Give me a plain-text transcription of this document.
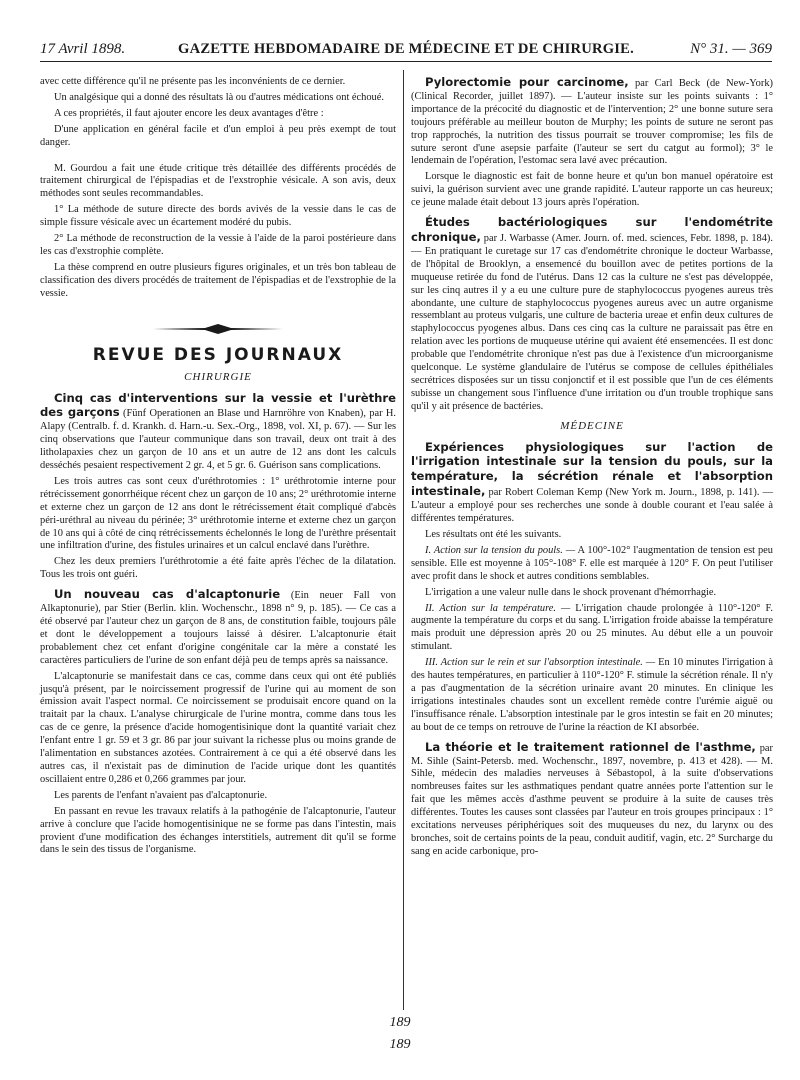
17 Avril 1898.	GAZETTE HEBDOMADAIRE DE MÉDECINE ET DE CHIRURGIE.	N° 31. — 369

avec cette différence qu'il ne présente pas les inconvénients de ce dernier.

Un analgésique qui a donné des résultats là ou d'autres médications ont échoué.

A ces propriétés, il faut ajouter encore les deux avantages d'être :

D'une application en général facile et d'un emploi à peu près exempt de tout danger.

M. Gourdou a fait une étude critique très détaillée des différents procédés de traitement chirurgical de l'épispadias et de l'exstrophie vésicale. A son avis, deux méthodes sont seules recommandables.

1° La méthode de suture directe des bords avivés de la vessie dans le cas de simple fissure vésicale avec un écartement modéré du pubis.

2° La méthode de reconstruction de la vessie à l'aide de la paroi postérieure dans les cas d'exstrophie complète.

La thèse comprend en outre plusieurs figures originales, et un très bon tableau de classification des divers procédés de traitement de l'épispadias et de l'exstrophie de la vessie.

REVUE DES JOURNAUX
CHIRURGIE

Cinq cas d'interventions sur la vessie et l'urèthre des garçons (Fünf Operationen an Blase und Harnröhre von Knaben), par H. Alapy (Centralb. f. d. Krankh. d. Harn.-u. Sex.-Org., 1898, vol. XI, p. 67). — Sur les cinq observations que l'auteur communique dans son travail, deux ont trait à des litholapaxies chez un garçon de 10 ans et un autre de 12 ans dont les calculs desséchés pesaient respectivement 2 gr. 4, et 5 gr. 6. Guérison sans complications.

Les trois autres cas sont ceux d'uréthrotomies : 1° uréthrotomie interne pour rétrécissement gonorrhéique récent chez un garçon de 10 ans; 2° uréthrotomie interne et externe chez un garçon de 12 ans dont le rétrécissement était compliqué d'abcès péri-uréthral au niveau du périnée; 3° uréthrotomie interne et externe chez un garçon de 10 ans qui à côté de cinq rétrécissements échelonnés le long de l'urèthre présentait une infiltration d'urine, des fistules urinaires et un calcul enclavé dans l'urèthre.

Chez les deux premiers l'uréthrotomie a été faite après l'échec de la dilatation. Tous les trois ont guéri.

Un nouveau cas d'alcaptonurie (Ein neuer Fall von Alkaptonurie), par Stier (Berlin. klin. Wochenschr., 1898 n° 9, p. 185). — Ce cas a été observé par l'auteur chez un garçon de 8 ans, de constitution faible, toujours pâle et dont le développement a toujours laissé à désirer. L'alcaptonurie était probablement chez cet enfant d'origine congénitale car la mère a constaté les caractères particuliers de l'urine de son enfant déjà peu de temps après sa naissance.

L'alcaptonurie se manifestait dans ce cas, comme dans ceux qui ont été publiés jusqu'à présent, par le noircissement progressif de l'urine qui au moment de son émission avait l'aspect normal. Ce noircissement se produisait encore quand on la traitait par la chaux. L'analyse chirurgicale de l'urine montra, comme dans tous les cas de ce genre, la présence d'acide homogentisinique dont la quantité variait chez l'enfant entre 1 gr. 59 et 3 gr. 86 par jour suivant la richesse plus ou moins grande de l'alimentation en substances azotées. Contrairement à ce qui a été observé dans les autres cas, il n'existait pas de diminution de l'acide urique dont les quantités oscillaient entre 0,286 et 0,266 grammes par jour.

Les parents de l'enfant n'avaient pas d'alcaptonurie.

En passant en revue les travaux relatifs à la pathogénie de l'alcaptonurie, l'auteur arrive à conclure que l'acide homogentisinique ne se forme pas dans l'intestin, mais provient d'une modification des échanges interstitiels, autrement dit qu'il se forme dans le sein des tissus de l'organisme.

Pylorectomie pour carcinome, par Carl Beck (de New-York) (Clinical Recorder, juillet 1897). — L'auteur insiste sur les points suivants : 1° importance de la précocité du diagnostic et de l'intervention; 2° une bonne suture sera toujours préférable au meilleur bouton de Murphy; les points de suture ne seront pas trop rapprochés, la nutrition des tissus pourrait se trouver compromise; les fils de suture seront d'une asepsie parfaite (l'auteur se sert du catgut au formol); 3° le lendemain de l'opération, l'estomac sera lavé avec précaution.

Lorsque le diagnostic est fait de bonne heure et qu'un bon manuel opératoire est suivi, la guérison survient avec une grande rapidité. L'auteur rapporte un cas heureux; ce jeune malade était debout 13 jours après l'opération.

Études bactériologiques sur l'endométrite chronique, par J. Warbasse (Amer. Journ. of. med. sciences, Febr. 1898, p. 184). — En pratiquant le curetage sur 17 cas d'endométrite chronique le docteur Warbasse, de l'hôpital de Brooklyn, a ensemencé du bouillon avec de petites portions de la muqueuse retirée du fond de l'utérus. Dans 12 cas la culture ne s'est pas développée, sur les cinq autres il y a eu une culture pure de staphylococcus pyogenes aureus très abondante, une culture de staphylococcus pyogenes aureus avec un autre organisme ressemblant au proteus vulgaris, une culture de bacteria ureae et enfin deux cultures de staphylococcus pyogenes albus. Dans ces cinq cas la culture ne paraissait pas être en relation avec les portions de muqueuse utérine qui avaient été ensemencées. Il est donc probable que l'endométrite chronique n'est pas due à l'existence d'un microorganisme quelconque. Le système glandulaire de l'utérus se compose de cellules épithéliales secrétrices disposées sur un tissu conjonctif et il est possible que l'un de ces éléments subisse un changement sous l'influence d'une irritation ou d'un trouble trophique sans qu'il y ait présence de bactéries.

MÉDECINE

Expériences physiologiques sur l'action de l'irrigation intestinale sur la tension du pouls, sur la température, la sécrétion rénale et l'absorption intestinale, par Robert Coleman Kemp (New York m. Journ., 1898, p. 141). — L'auteur a employé pour ses recherches une sonde à double courant et l'eau salée à différentes températures.

Les résultats ont été les suivants.

I. Action sur la tension du pouls. — A 100°-102° l'augmentation de tension est peu sensible. Elle est moyenne à 105°-108° F. elle est marquée à 120° F. On peut l'utiliser avec profit dans le shock et autres conditions semblables.

L'irrigation a une valeur nulle dans le shock provenant d'hémorrhagie.

II. Action sur la température. — L'irrigation chaude prolongée à 110°-120° F. augmente la température du corps et du sang. L'irrigation froide abaisse la température mais produit une dépression après 20 ou 25 minutes. Au début elle a un pouvoir stimulant.

III. Action sur le rein et sur l'absorption intestinale. — En 10 minutes l'irrigation à des hautes températures, en particulier à 110°-120° F. stimule la sécrétion rénale. Il n'y a pas d'augmentation de la sécrétion urinaire avant 20 minutes. En clinique les irrigations intestinales chaudes sont un excellent remède contre l'urémie aiguë ou l'insuffisance rénale. L'absorption intestinale par le gros intestin se fait en 20 minutes; au bout de ce temps on retrouve de l'urine la réaction de KI absorbée.

La théorie et le traitement rationnel de l'asthme, par M. Sihle (Saint-Petersb. med. Wochenschr., 1897, novembre, p. 413 et 428). — M. Sihle, médecin des maladies nerveuses à Sébastopol, à la suite d'observations nombreuses faites sur les asthmatiques pendant quatre années porte l'attention sur le fait que les mêmes accès d'asthme peuvent se produire à la suite de causes très différentes. Toutes les causes sont classées par l'auteur en trois groupes principaux : 1° excitations nerveuses périphériques soit des muqueuses du nez, du larynx ou des bronches, soit de certains points de la peau, conduit auditif, vagin, etc. 2° Surcharge du sang en acide carbonique, pro-

189
189
